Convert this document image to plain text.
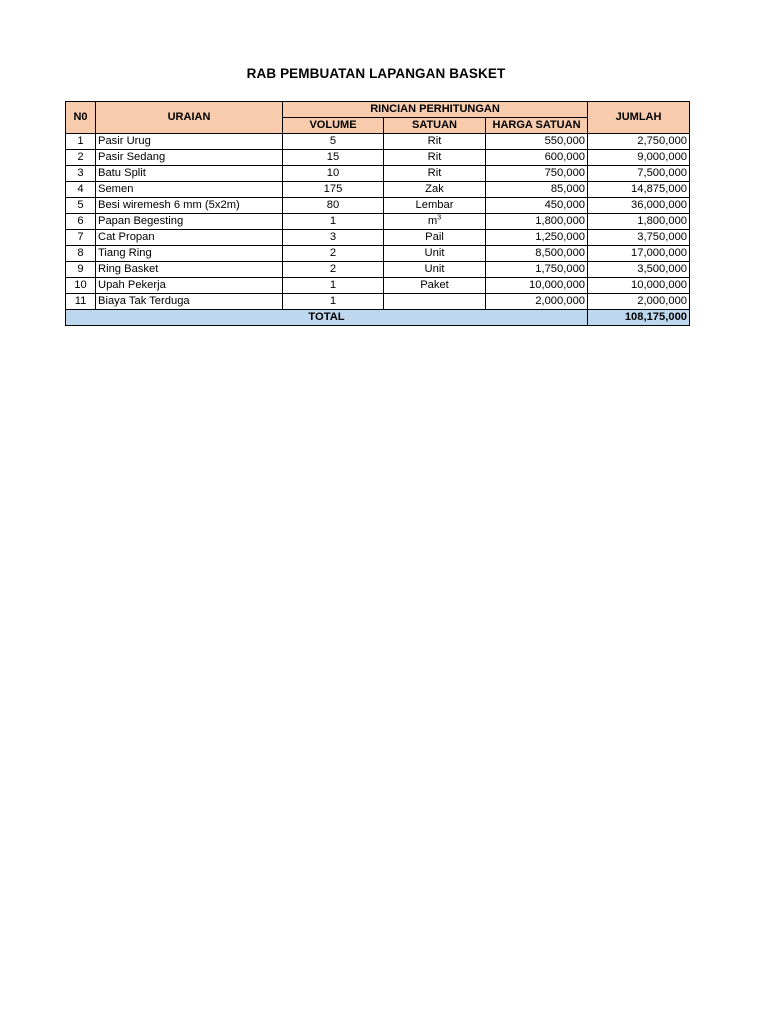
RAB PEMBUATAN LAPANGAN BASKET
N0	URAIAN	RINCIAN PERHITUNGAN			JUMLAH
		VOLUME	SATUAN	HARGA SATUAN	
1	Pasir Urug	5	Rit	550,000	2,750,000
2	Pasir Sedang	15	Rit	600,000	9,000,000
3	Batu Split	10	Rit	750,000	7,500,000
4	Semen	175	Zak	85,000	14,875,000
5	Besi wiremesh 6 mm (5x2m)	80	Lembar	450,000	36,000,000
6	Papan Begesting	1	$m^3$	1,800,000	1,800,000
7	Cat Propan	3	Pail	1,250,000	3,750,000
8	Tiang Ring	2	Unit	8,500,000	17,000,000
9	Ring Basket	2	Unit	1,750,000	3,500,000
10	Upah Pekerja	1	Paket	10,000,000	10,000,000
11	Biaya Tak Terduga	1		2,000,000	2,000,000
TOTAL					108,175,000
